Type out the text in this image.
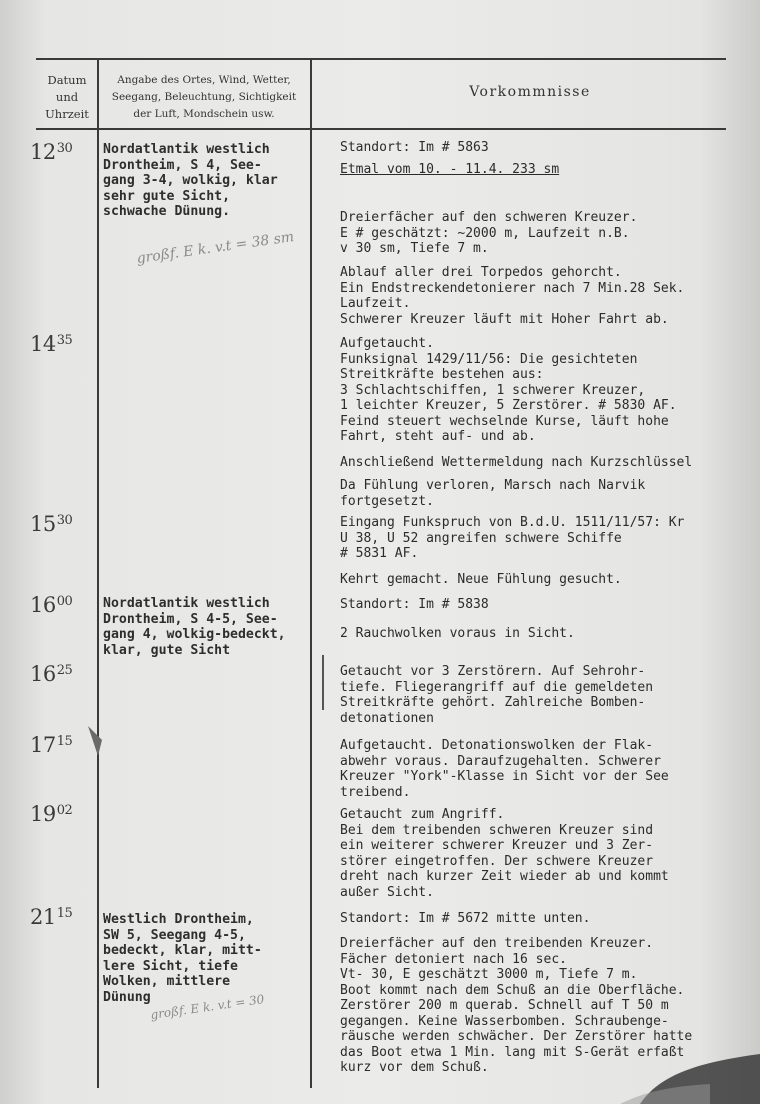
Datum
und
Uhrzeit
Angabe des Ortes, Wind, Wetter,
Seegang, Beleuchtung, Sichtigkeit
der Luft, Mondschein usw.
Vorkommnisse
$12^{30}$
$14^{35}$
$15^{30}$
$16^{00}$
$16^{25}$
$17^{15}$
$19^{02}$
$21^{15}$
Nordatlantik westlich
Drontheim, S 4, See-
gang 3-4, wolkig, klar
sehr gute Sicht,
schwache Dünung.
Nordatlantik westlich
Drontheim, S 4-5, See-
gang 4, wolkig-bedeckt,
klar, gute Sicht
Westlich Drontheim,
SW 5, Seegang 4-5,
bedeckt, klar, mitt-
lere Sicht, tiefe
Wolken, mittlere
Dünung
großf. E k. v.t = 38 sm
großf. E k. v.t = 30
Standort: Im # 5863
Etmal vom 10. - 11.4. 233 sm
Dreierfächer auf den schweren Kreuzer.
E # geschätzt: ~2000 m, Laufzeit n.B.
v 30 sm, Tiefe 7 m.
Ablauf aller drei Torpedos gehorcht.
Ein Endstreckendetonierer nach 7 Min.28 Sek.
Laufzeit.
Schwerer Kreuzer läuft mit Hoher Fahrt ab.
Aufgetaucht.
Funksignal 1429/11/56: Die gesichteten
Streitkräfte bestehen aus:
3 Schlachtschiffen, 1 schwerer Kreuzer,
1 leichter Kreuzer, 5 Zerstörer. # 5830 AF.
Feind steuert wechselnde Kurse, läuft hohe
Fahrt, steht auf- und ab.
Anschließend Wettermeldung nach Kurzschlüssel
Da Fühlung verloren, Marsch nach Narvik
fortgesetzt.
Eingang Funkspruch von B.d.U. 1511/11/57: Kr
U 38, U 52 angreifen schwere Schiffe
# 5831 AF.
Kehrt gemacht. Neue Fühlung gesucht.
Standort: Im # 5838
2 Rauchwolken voraus in Sicht.
Getaucht vor 3 Zerstörern. Auf Sehrohr-
tiefe. Fliegerangriff auf die gemeldeten
Streitkräfte gehört. Zahlreiche Bomben-
detonationen
Aufgetaucht. Detonationswolken der Flak-
abwehr voraus. Daraufzugehalten. Schwerer
Kreuzer "York"-Klasse in Sicht vor der See
treibend.
Getaucht zum Angriff.
Bei dem treibenden schweren Kreuzer sind
ein weiterer schwerer Kreuzer und 3 Zer-
störer eingetroffen. Der schwere Kreuzer
dreht nach kurzer Zeit wieder ab und kommt
außer Sicht.
Standort: Im # 5672 mitte unten.
Dreierfächer auf den treibenden Kreuzer.
Fächer detoniert nach 16 sec.
Vt- 30, E geschätzt 3000 m, Tiefe 7 m.
Boot kommt nach dem Schuß an die Oberfläche.
Zerstörer 200 m querab. Schnell auf T 50 m
gegangen. Keine Wasserbomben. Schraubenge-
räusche werden schwächer. Der Zerstörer hatte
das Boot etwa 1 Min. lang mit S-Gerät erfaßt
kurz vor dem Schuß.
